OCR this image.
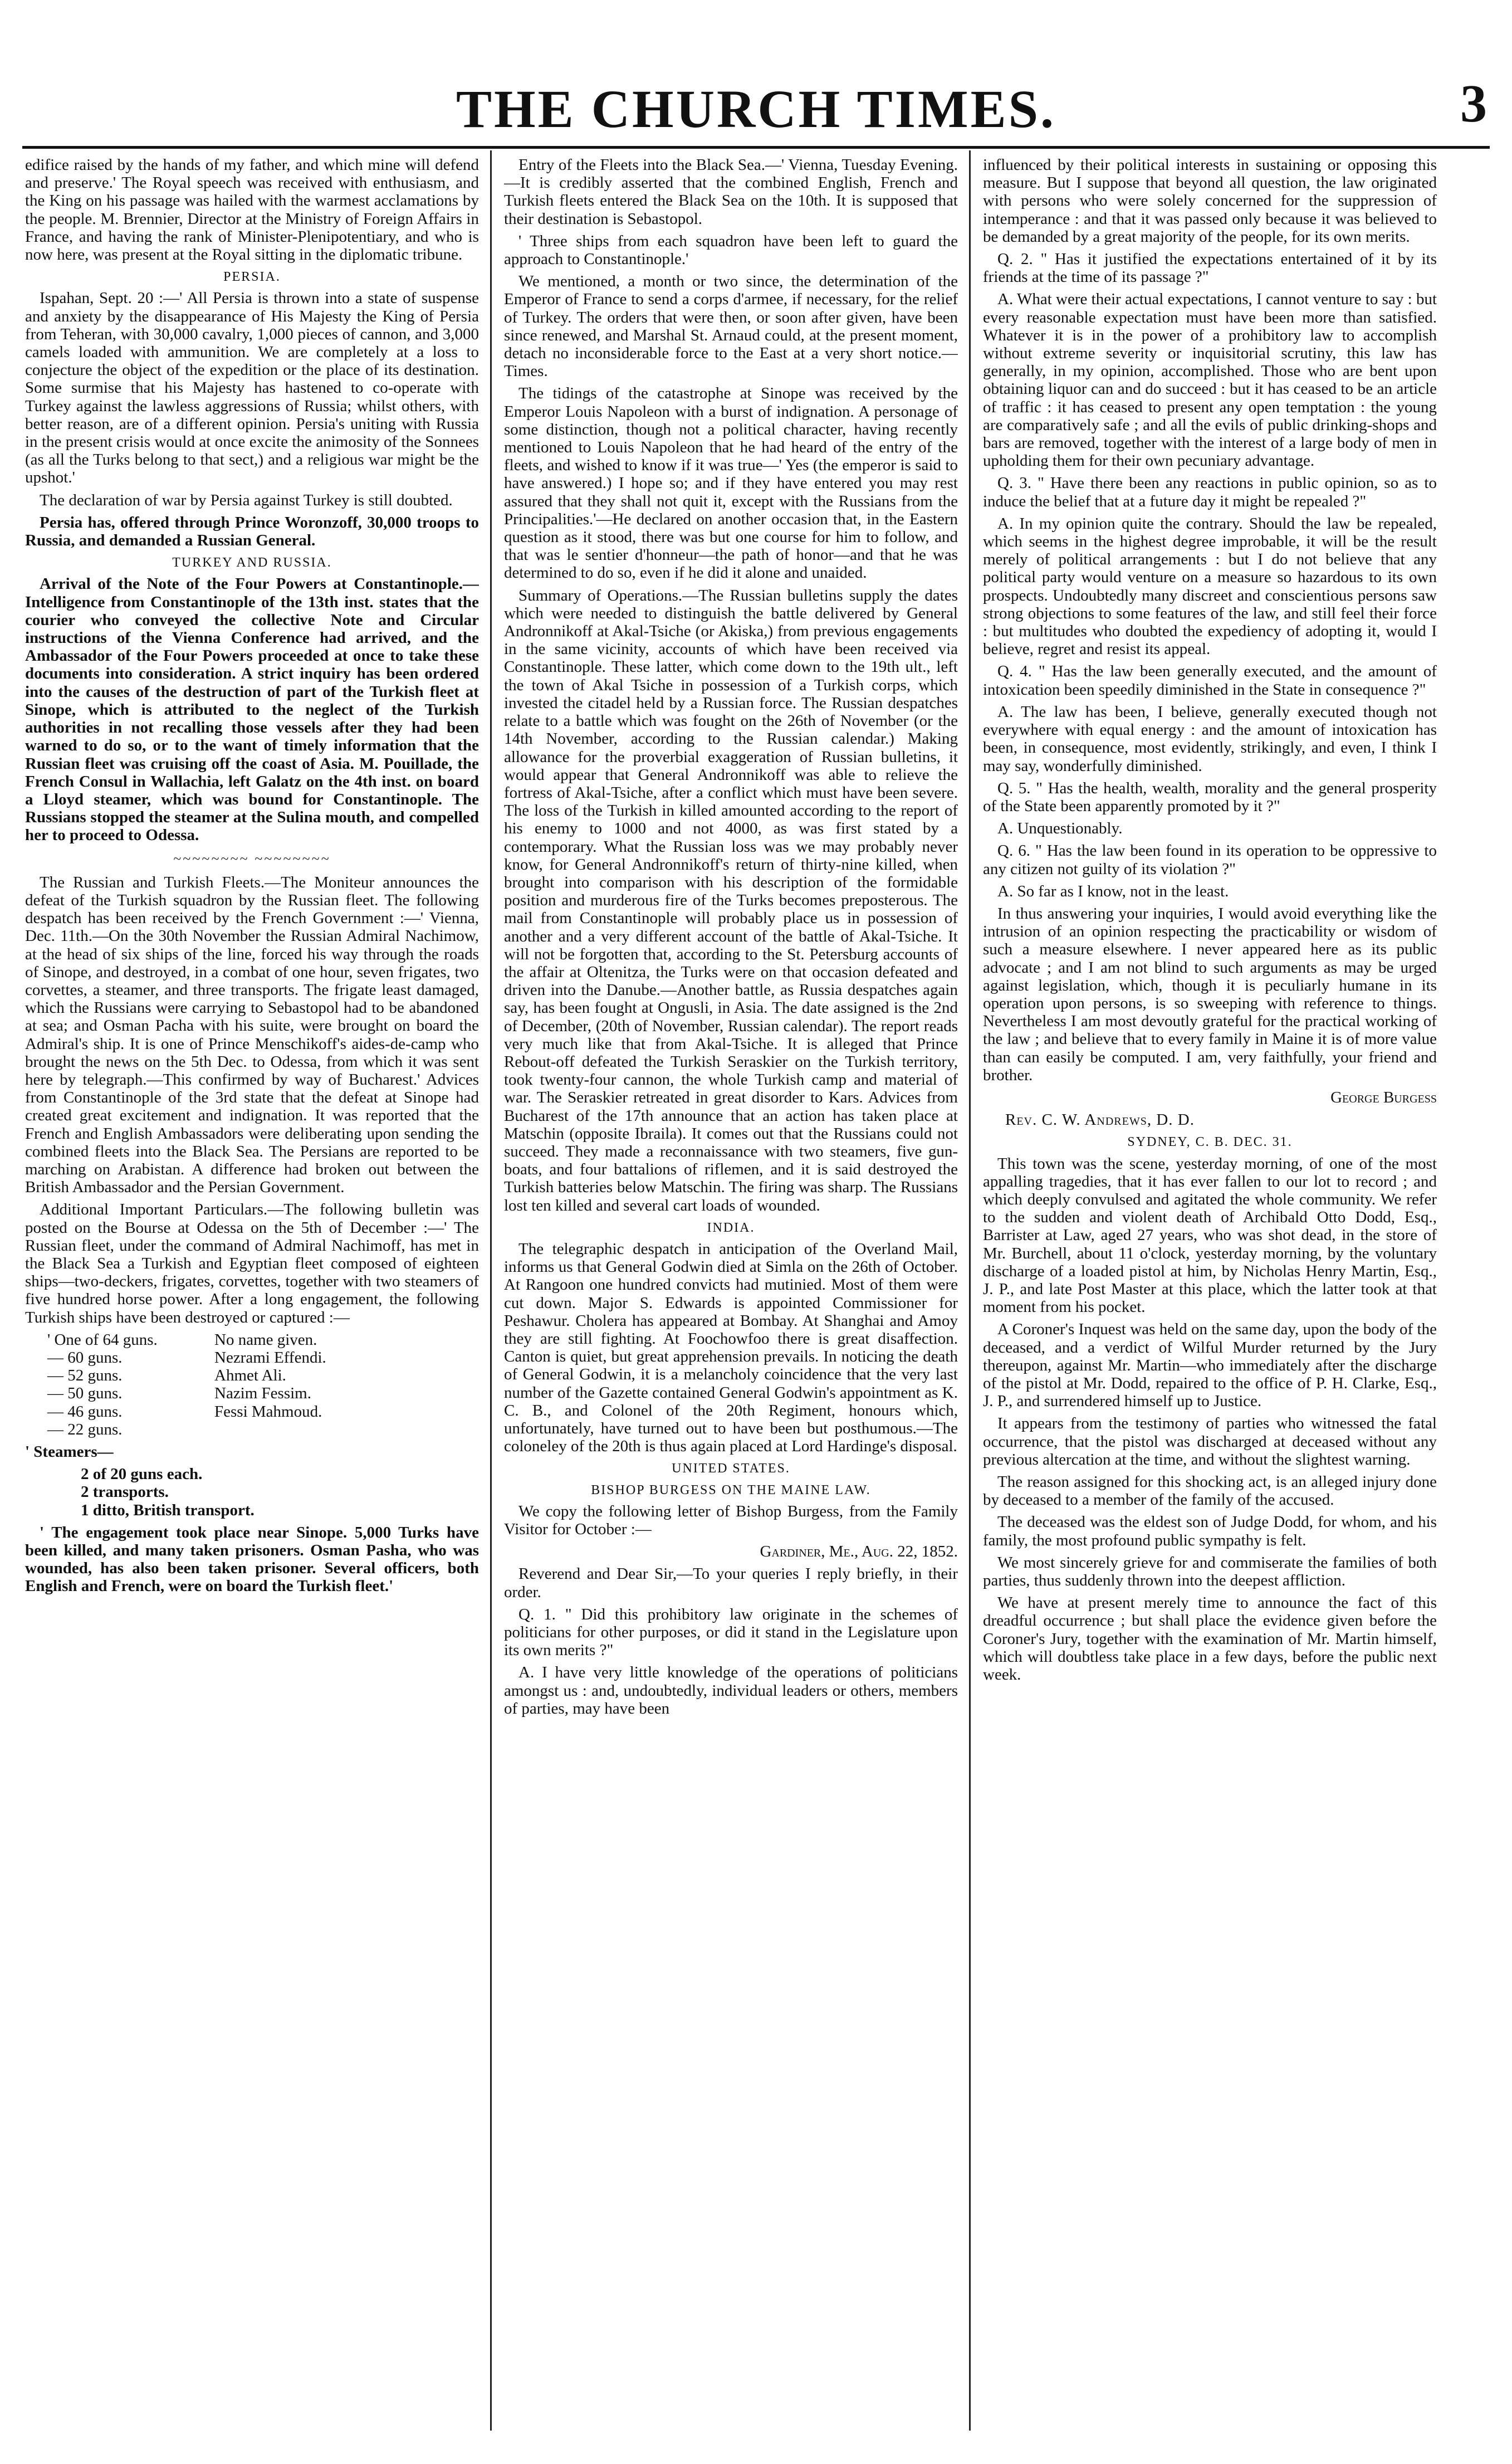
THE CHURCH TIMES.	3

edifice raised by the hands of my father, and which mine will defend and preserve.' The Royal speech was received with enthusiasm, and the King on his passage was hailed with the warmest acclamations by the people. M. Brennier, Director at the Ministry of Foreign Affairs in France, and having the rank of Minister-Plenipotentiary, and who is now here, was present at the Royal sitting in the diplomatic tribune.

PERSIA.

Ispahan, Sept. 20 :—' All Persia is thrown into a state of suspense and anxiety by the disappearance of His Majesty the King of Persia from Teheran, with 30,000 cavalry, 1,000 pieces of cannon, and 3,000 camels loaded with ammunition. We are completely at a loss to conjecture the object of the expedition or the place of its destination. Some surmise that his Majesty has hastened to co-operate with Turkey against the lawless aggressions of Russia; whilst others, with better reason, are of a different opinion. Persia's uniting with Russia in the present crisis would at once excite the animosity of the Sonnees (as all the Turks belong to that sect,) and a religious war might be the upshot.'

The declaration of war by Persia against Turkey is still doubted.

Persia has, offered through Prince Woronzoff, 30,000 troops to Russia, and demanded a Russian General.

TURKEY AND RUSSIA.

Arrival of the Note of the Four Powers at Constantinople.—Intelligence from Constantinople of the 13th inst. states that the courier who conveyed the collective Note and Circular instructions of the Vienna Conference had arrived, and the Ambassador of the Four Powers proceeded at once to take these documents into consideration. A strict inquiry has been ordered into the causes of the destruction of part of the Turkish fleet at Sinope, which is attributed to the neglect of the Turkish authorities in not recalling those vessels after they had been warned to do so, or to the want of timely information that the Russian fleet was cruising off the coast of Asia. M. Pouillade, the French Consul in Wallachia, left Galatz on the 4th inst. on board a Lloyd steamer, which was bound for Constantinople. The Russians stopped the steamer at the Sulina mouth, and compelled her to proceed to Odessa.

~~~~~~~~ ~~~~~~~~

The Russian and Turkish Fleets.—The Moniteur announces the defeat of the Turkish squadron by the Russian fleet. The following despatch has been received by the French Government :—' Vienna, Dec. 11th.—On the 30th November the Russian Admiral Nachimow, at the head of six ships of the line, forced his way through the roads of Sinope, and destroyed, in a combat of one hour, seven frigates, two corvettes, a steamer, and three transports. The frigate least damaged, which the Russians were carrying to Sebastopol had to be abandoned at sea; and Osman Pacha with his suite, were brought on board the Admiral's ship. It is one of Prince Menschikoff's aides-de-camp who brought the news on the 5th Dec. to Odessa, from which it was sent here by telegraph.—This confirmed by way of Bucharest.' Advices from Constantinople of the 3rd state that the defeat at Sinope had created great excitement and indignation. It was reported that the French and English Ambassadors were deliberating upon sending the combined fleets into the Black Sea. The Persians are reported to be marching on Arabistan. A difference had broken out between the British Ambassador and the Persian Government.

Additional Important Particulars.—The following bulletin was posted on the Bourse at Odessa on the 5th of December :—' The Russian fleet, under the command of Admiral Nachimoff, has met in the Black Sea a Turkish and Egyptian fleet composed of eighteen ships—two-deckers, frigates, corvettes, together with two steamers of five hundred horse power. After a long engagement, the following Turkish ships have been destroyed or captured :—

' One of 64 guns.	No name given.
— 60 guns.	Nezrami Effendi.
— 52 guns.	Ahmet Ali.
— 50 guns.	Nazim Fessim.
— 46 guns.	Fessi Mahmoud.
— 22 guns.

' Steamers—

2 of 20 guns each.
2 transports.
1 ditto, British transport.

' The engagement took place near Sinope. 5,000 Turks have been killed, and many taken prisoners. Osman Pasha, who was wounded, has also been taken prisoner. Several officers, both English and French, were on board the Turkish fleet.'

Entry of the Fleets into the Black Sea.—' Vienna, Tuesday Evening.—It is credibly asserted that the combined English, French and Turkish fleets entered the Black Sea on the 10th. It is supposed that their destination is Sebastopol.

' Three ships from each squadron have been left to guard the approach to Constantinople.'

We mentioned, a month or two since, the determination of the Emperor of France to send a corps d'armee, if necessary, for the relief of Turkey. The orders that were then, or soon after given, have been since renewed, and Marshal St. Arnaud could, at the present moment, detach no inconsiderable force to the East at a very short notice.—Times.

The tidings of the catastrophe at Sinope was received by the Emperor Louis Napoleon with a burst of indignation. A personage of some distinction, though not a political character, having recently mentioned to Louis Napoleon that he had heard of the entry of the fleets, and wished to know if it was true—' Yes (the emperor is said to have answered.) I hope so; and if they have entered you may rest assured that they shall not quit it, except with the Russians from the Principalities.'—He declared on another occasion that, in the Eastern question as it stood, there was but one course for him to follow, and that was le sentier d'honneur—the path of honor—and that he was determined to do so, even if he did it alone and unaided.

Summary of Operations.—The Russian bulletins supply the dates which were needed to distinguish the battle delivered by General Andronnikoff at Akal-Tsiche (or Akiska,) from previous engagements in the same vicinity, accounts of which have been received via Constantinople. These latter, which come down to the 19th ult., left the town of Akal Tsiche in possession of a Turkish corps, which invested the citadel held by a Russian force. The Russian despatches relate to a battle which was fought on the 26th of November (or the 14th November, according to the Russian calendar.) Making allowance for the proverbial exaggeration of Russian bulletins, it would appear that General Andronnikoff was able to relieve the fortress of Akal-Tsiche, after a conflict which must have been severe. The loss of the Turkish in killed amounted according to the report of his enemy to 1000 and not 4000, as was first stated by a contemporary. What the Russian loss was we may probably never know, for General Andronnikoff's return of thirty-nine killed, when brought into comparison with his description of the formidable position and murderous fire of the Turks becomes preposterous. The mail from Constantinople will probably place us in possession of another and a very different account of the battle of Akal-Tsiche. It will not be forgotten that, according to the St. Petersburg accounts of the affair at Oltenitza, the Turks were on that occasion defeated and driven into the Danube.—Another battle, as Russia despatches again say, has been fought at Ongusli, in Asia. The date assigned is the 2nd of December, (20th of November, Russian calendar). The report reads very much like that from Akal-Tsiche. It is alleged that Prince Rebout-off defeated the Turkish Seraskier on the Turkish territory, took twenty-four cannon, the whole Turkish camp and material of war. The Seraskier retreated in great disorder to Kars. Advices from Bucharest of the 17th announce that an action has taken place at Matschin (opposite Ibraila). It comes out that the Russians could not succeed. They made a reconnaissance with two steamers, five gun-boats, and four battalions of riflemen, and it is said destroyed the Turkish batteries below Matschin. The firing was sharp. The Russians lost ten killed and several cart loads of wounded.

INDIA.

The telegraphic despatch in anticipation of the Overland Mail, informs us that General Godwin died at Simla on the 26th of October. At Rangoon one hundred convicts had mutinied. Most of them were cut down. Major S. Edwards is appointed Commissioner for Peshawur. Cholera has appeared at Bombay. At Shanghai and Amoy they are still fighting. At Foochowfoo there is great disaffection. Canton is quiet, but great apprehension prevails. In noticing the death of General Godwin, it is a melancholy coincidence that the very last number of the Gazette contained General Godwin's appointment as K. C. B., and Colonel of the 20th Regiment, honours which, unfortunately, have turned out to have been but posthumous.—The coloneley of the 20th is thus again placed at Lord Hardinge's disposal.

UNITED STATES.

BISHOP BURGESS ON THE MAINE LAW.

We copy the following letter of Bishop Burgess, from the Family Visitor for October :—

Gardiner, Me., Aug. 22, 1852.

Reverend and Dear Sir,—To your queries I reply briefly, in their order.

Q. 1. " Did this prohibitory law originate in the schemes of politicians for other purposes, or did it stand in the Legislature upon its own merits ?"

A. I have very little knowledge of the operations of politicians amongst us : and, undoubtedly, individual leaders or others, members of parties, may have been

influenced by their political interests in sustaining or opposing this measure. But I suppose that beyond all question, the law originated with persons who were solely concerned for the suppression of intemperance : and that it was passed only because it was believed to be demanded by a great majority of the people, for its own merits.

Q. 2. " Has it justified the expectations entertained of it by its friends at the time of its passage ?"

A. What were their actual expectations, I cannot venture to say : but every reasonable expectation must have been more than satisfied. Whatever it is in the power of a prohibitory law to accomplish without extreme severity or inquisitorial scrutiny, this law has generally, in my opinion, accomplished. Those who are bent upon obtaining liquor can and do succeed : but it has ceased to be an article of traffic : it has ceased to present any open temptation : the young are comparatively safe ; and all the evils of public drinking-shops and bars are removed, together with the interest of a large body of men in upholding them for their own pecuniary advantage.

Q. 3. " Have there been any reactions in public opinion, so as to induce the belief that at a future day it might be repealed ?"

A. In my opinion quite the contrary. Should the law be repealed, which seems in the highest degree improbable, it will be the result merely of political arrangements : but I do not believe that any political party would venture on a measure so hazardous to its own prospects. Undoubtedly many discreet and conscientious persons saw strong objections to some features of the law, and still feel their force : but multitudes who doubted the expediency of adopting it, would I believe, regret and resist its appeal.

Q. 4. " Has the law been generally executed, and the amount of intoxication been speedily diminished in the State in consequence ?"

A. The law has been, I believe, generally executed though not everywhere with equal energy : and the amount of intoxication has been, in consequence, most evidently, strikingly, and even, I think I may say, wonderfully diminished.

Q. 5. " Has the health, wealth, morality and the general prosperity of the State been apparently promoted by it ?"

A. Unquestionably.

Q. 6. " Has the law been found in its operation to be oppressive to any citizen not guilty of its violation ?"

A. So far as I know, not in the least.

In thus answering your inquiries, I would avoid everything like the intrusion of an opinion respecting the practicability or wisdom of such a measure elsewhere. I never appeared here as its public advocate ; and I am not blind to such arguments as may be urged against legislation, which, though it is peculiarly humane in its operation upon persons, is so sweeping with reference to things. Nevertheless I am most devoutly grateful for the practical working of the law ; and believe that to every family in Maine it is of more value than can easily be computed. I am, very faithfully, your friend and brother.

George Burgess

Rev. C. W. Andrews, D. D.

SYDNEY, C. B. DEC. 31.

This town was the scene, yesterday morning, of one of the most appalling tragedies, that it has ever fallen to our lot to record ; and which deeply convulsed and agitated the whole community. We refer to the sudden and violent death of Archibald Otto Dodd, Esq., Barrister at Law, aged 27 years, who was shot dead, in the store of Mr. Burchell, about 11 o'clock, yesterday morning, by the voluntary discharge of a loaded pistol at him, by Nicholas Henry Martin, Esq., J. P., and late Post Master at this place, which the latter took at that moment from his pocket.

A Coroner's Inquest was held on the same day, upon the body of the deceased, and a verdict of Wilful Murder returned by the Jury thereupon, against Mr. Martin—who immediately after the discharge of the pistol at Mr. Dodd, repaired to the office of P. H. Clarke, Esq., J. P., and surrendered himself up to Justice.

It appears from the testimony of parties who witnessed the fatal occurrence, that the pistol was discharged at deceased without any previous altercation at the time, and without the slightest warning.

The reason assigned for this shocking act, is an alleged injury done by deceased to a member of the family of the accused.

The deceased was the eldest son of Judge Dodd, for whom, and his family, the most profound public sympathy is felt.

We most sincerely grieve for and commiserate the families of both parties, thus suddenly thrown into the deepest affliction.

We have at present merely time to announce the fact of this dreadful occurrence ; but shall place the evidence given before the Coroner's Jury, together with the examination of Mr. Martin himself, which will doubtless take place in a few days, before the public next week.
